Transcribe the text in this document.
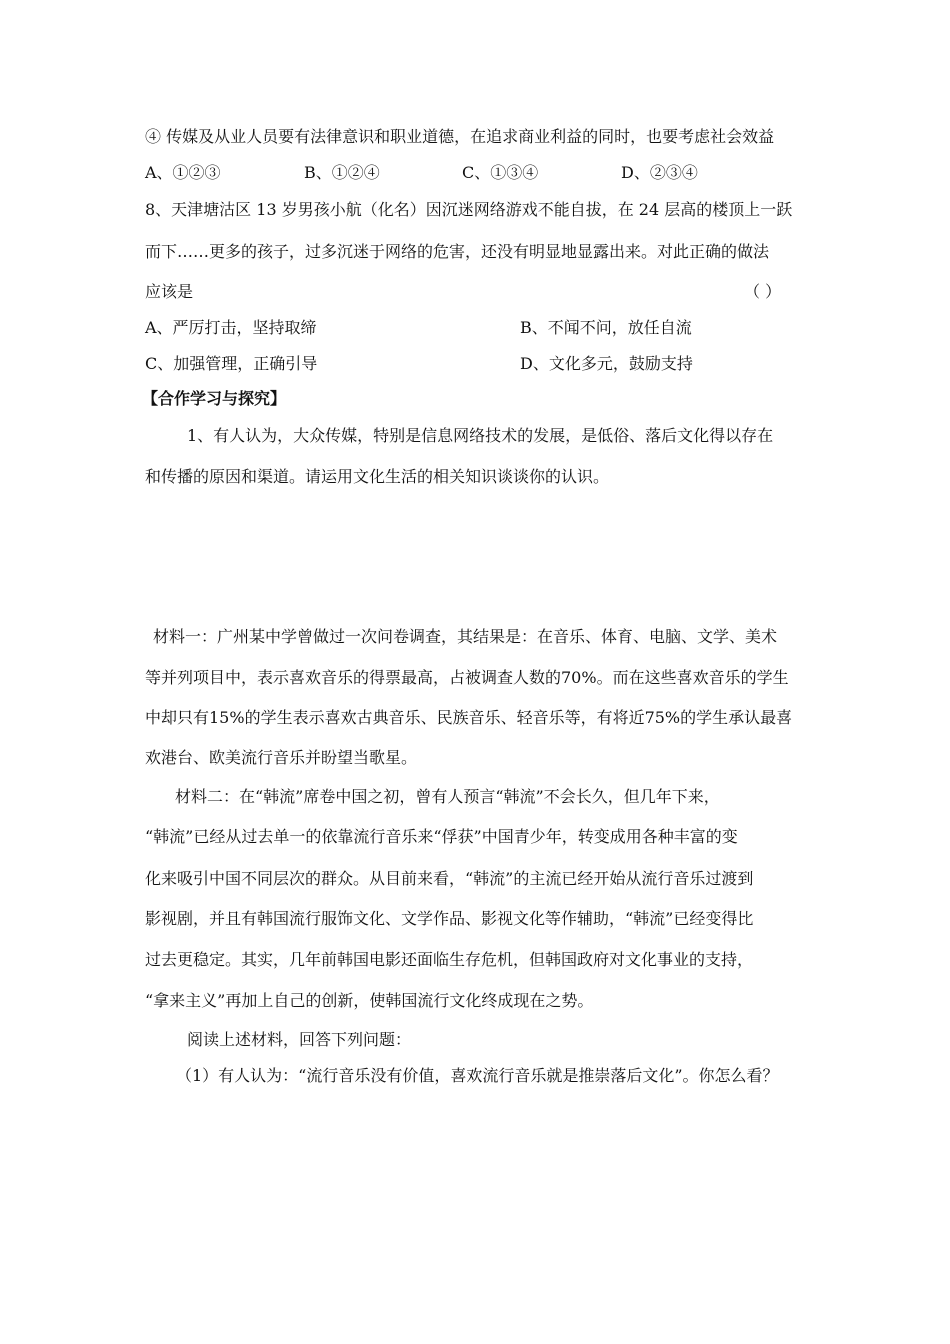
④ 传媒及从业人员要有法律意识和职业道德，在追求商业利益的同时，也要考虑社会效益
A、①②③	B、①②④	C、①③④	D、②③④
8、天津塘沽区 13 岁男孩小航（化名）因沉迷网络游戏不能自拔，在 24 层高的楼顶上一跃
而下……更多的孩子，过多沉迷于网络的危害，还没有明显地显露出来。对此正确的做法
应该是	（ ）
A、严厉打击，坚持取缔	B、不闻不问，放任自流
C、加强管理，正确引导	D、文化多元，鼓励支持
【合作学习与探究】
1、有人认为，大众传媒，特别是信息网络技术的发展，是低俗、落后文化得以存在
和传播的原因和渠道。请运用文化生活的相关知识谈谈你的认识。
材料一：广州某中学曾做过一次问卷调查，其结果是：在音乐、体育、电脑、文学、美术
等并列项目中，表示喜欢音乐的得票最高，占被调查人数的70%。而在这些喜欢音乐的学生
中却只有15%的学生表示喜欢古典音乐、民族音乐、轻音乐等，有将近75%的学生承认最喜
欢港台、欧美流行音乐并盼望当歌星。
材料二：在“韩流”席卷中国之初，曾有人预言“韩流”不会长久，但几年下来，
“韩流”已经从过去单一的依靠流行音乐来“俘获”中国青少年，转变成用各种丰富的变
化来吸引中国不同层次的群众。从目前来看，“韩流”的主流已经开始从流行音乐过渡到
影视剧，并且有韩国流行服饰文化、文学作品、影视文化等作辅助，“韩流”已经变得比
过去更稳定。其实，几年前韩国电影还面临生存危机，但韩国政府对文化事业的支持，
“拿来主义”再加上自己的创新，使韩国流行文化终成现在之势。
阅读上述材料，回答下列问题：
（1）有人认为：“流行音乐没有价值，喜欢流行音乐就是推崇落后文化”。你怎么看？
